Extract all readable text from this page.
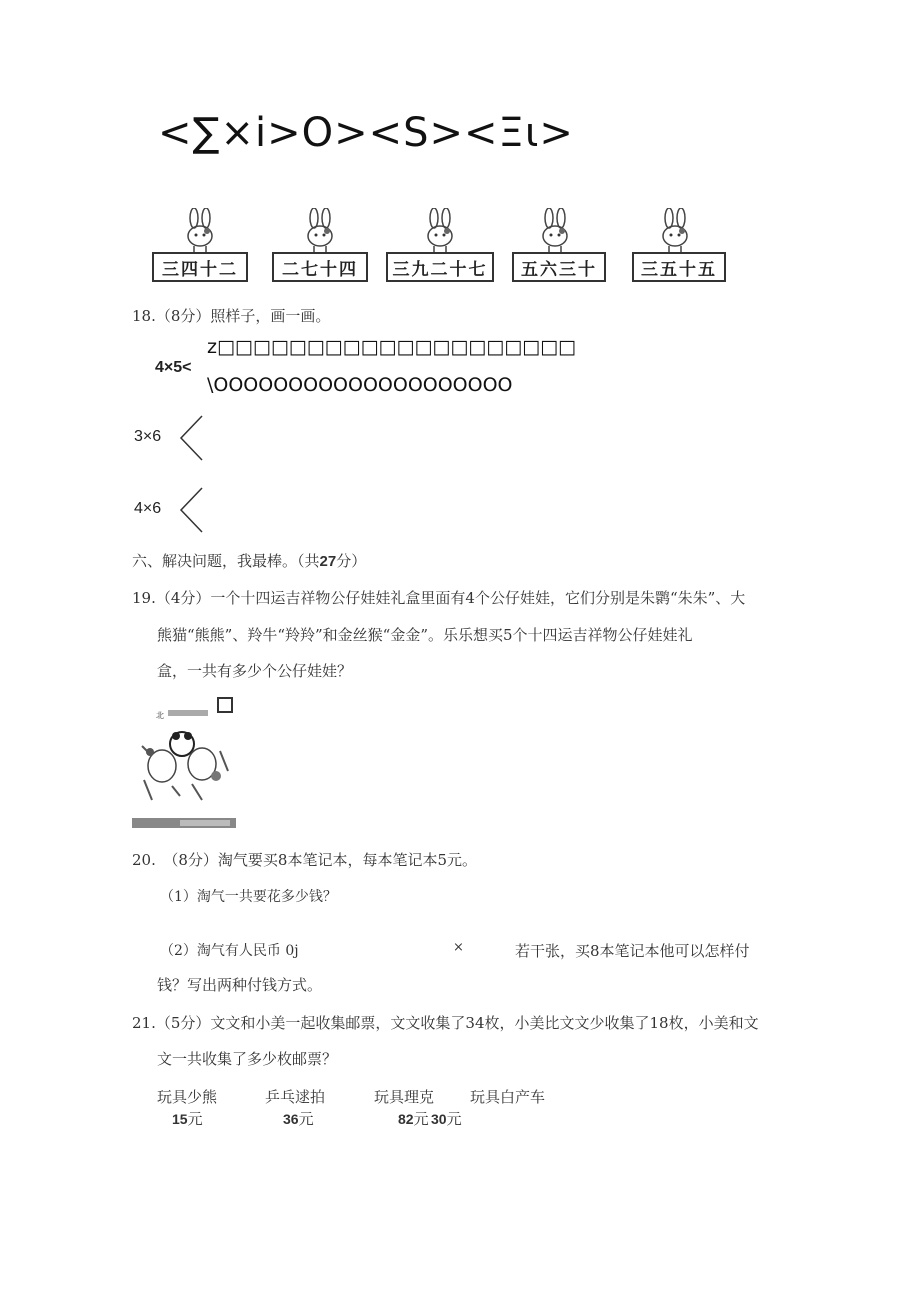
<∑×i>O><S><Ξι>
三四十二	二七十四	三九二十七	五六三十	三五十五
18.（8分）照样子，画一画。
4×5<
z□□□□□□□□□□□□□□□□□□□□
\OOOOOOOOOOOOOOOOOOOO
3×6
4×6
六、解决问题，我最棒。（共27分）
19.（4分）一个十四运吉祥物公仔娃娃礼盒里面有4个公仔娃娃，它们分别是朱鹮“朱朱”、大
熊猫“熊熊”、羚牛“羚羚”和金丝猴“金金”。乐乐想买5个十四运吉祥物公仔娃娃礼
盒，一共有多少个公仔娃娃？
北
20.　（8分）淘气要买8本笔记本，每本笔记本5元。
（1）淘气一共要花多少钱？
（2）淘气有人民币 0j	×	若干张，买8本笔记本他可以怎样付
钱？写出两种付钱方式。
21.（5分）文文和小美一起收集邮票，文文收集了34枚，小美比文文少收集了18枚，小美和文
文一共收集了多少枚邮票？
玩具少熊	乒乓逑拍	玩具理克 玩具白产车
15元	36元	82元 30元
